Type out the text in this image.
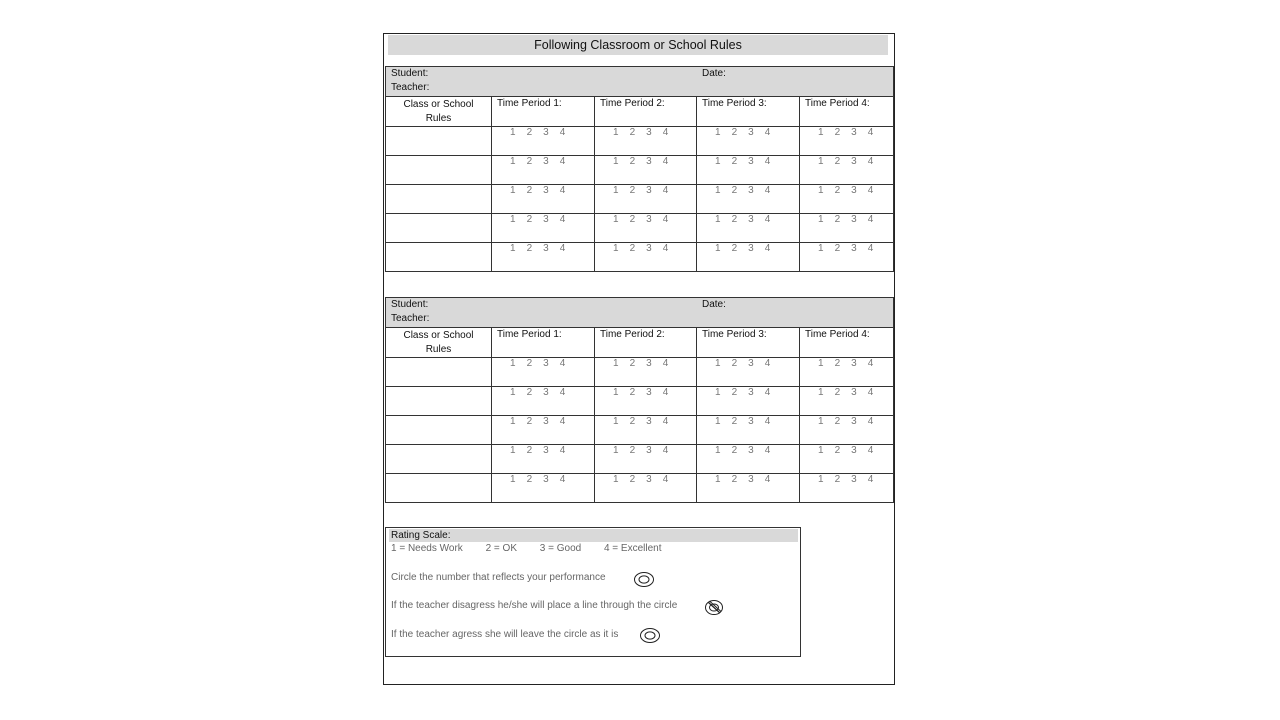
Following Classroom or School Rules
Student:
Teacher:
Date:				

Class or School
Rules	Time Period 1:	Time Period 2:	Time Period 3:	Time Period 4:
	1 2 3 4	1 2 3 4	1 2 3 4	1 2 3 4
	1 2 3 4	1 2 3 4	1 2 3 4	1 2 3 4
	1 2 3 4	1 2 3 4	1 2 3 4	1 2 3 4
	1 2 3 4	1 2 3 4	1 2 3 4	1 2 3 4
	1 2 3 4	1 2 3 4	1 2 3 4	1 2 3 4
Student:
Teacher:
Date:				

Class or School
Rules	Time Period 1:	Time Period 2:	Time Period 3:	Time Period 4:
	1 2 3 4	1 2 3 4	1 2 3 4	1 2 3 4
	1 2 3 4	1 2 3 4	1 2 3 4	1 2 3 4
	1 2 3 4	1 2 3 4	1 2 3 4	1 2 3 4
	1 2 3 4	1 2 3 4	1 2 3 4	1 2 3 4
	1 2 3 4	1 2 3 4	1 2 3 4	1 2 3 4
Rating Scale:
1 = Needs Work 2 = OK 3 = Good 4 = Excellent
Circle the number that reflects your performance
If the teacher disagress he/she will place a line through the circle
If the teacher agress she will leave the circle as it is
